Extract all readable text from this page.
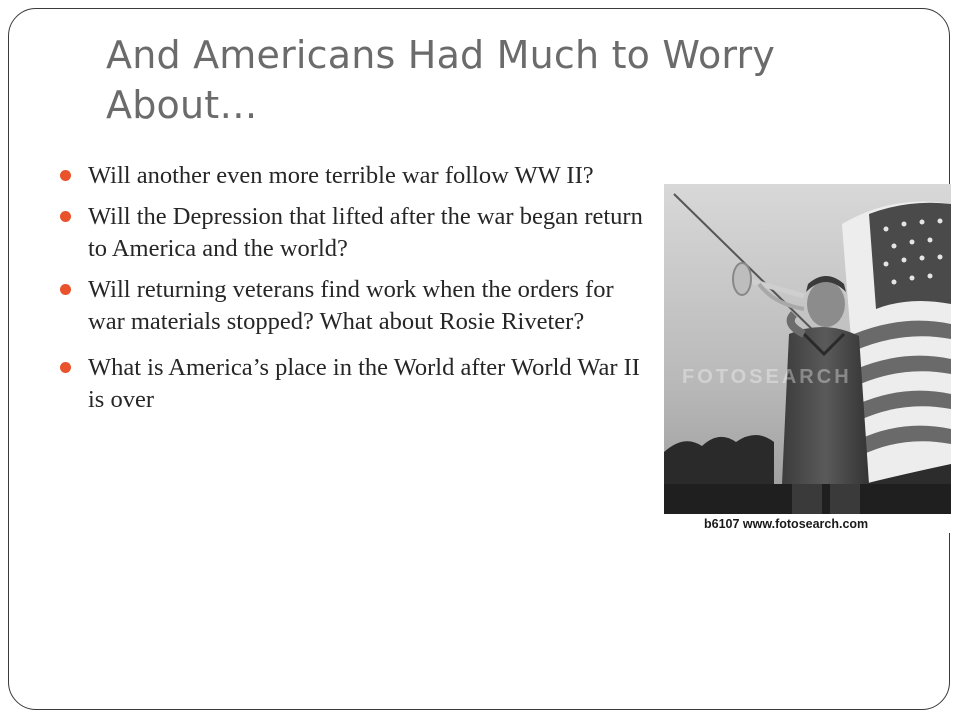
And Americans Had Much to Worry About…
Will another even more terrible war follow WW II?
Will the Depression that lifted after the war began return to America and the world?
Will returning veterans find work when the orders for war materials stopped? What about Rosie Riveter?
What is America’s place in the World after World War II is over
FOTOSEARCH
b6107 www.fotosearch.com
